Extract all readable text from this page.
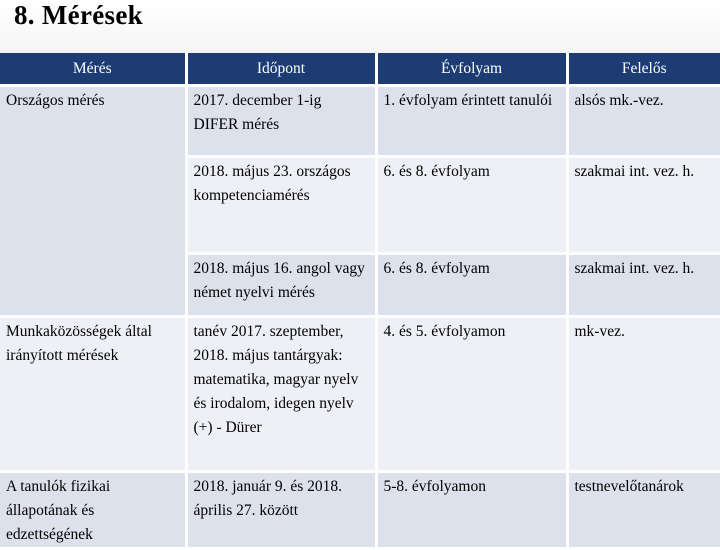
8. Mérések
Mérés	Időpont	Évfolyam	Felelős
Országos mérés	2017. december 1-ig DIFER mérés	1. évfolyam érintett tanulói	alsós mk.-vez.
	2018. május 23. országos kompetenciamérés	6. és 8. évfolyam	szakmai int. vez. h.
	2018. május 16. angol vagy német nyelvi mérés	6. és 8. évfolyam	szakmai int. vez. h.
Munkaközösségek által irányított mérések	tanév 2017. szeptember, 2018. május tantárgyak: matematika, magyar nyelv és irodalom, idegen nyelv (+) - Dürer	4. és 5. évfolyamon	mk-vez.
A tanulók fizikai állapotának és edzettségének	2018. január 9. és 2018. április 27. között	5-8. évfolyamon	testnevelőtanárok
